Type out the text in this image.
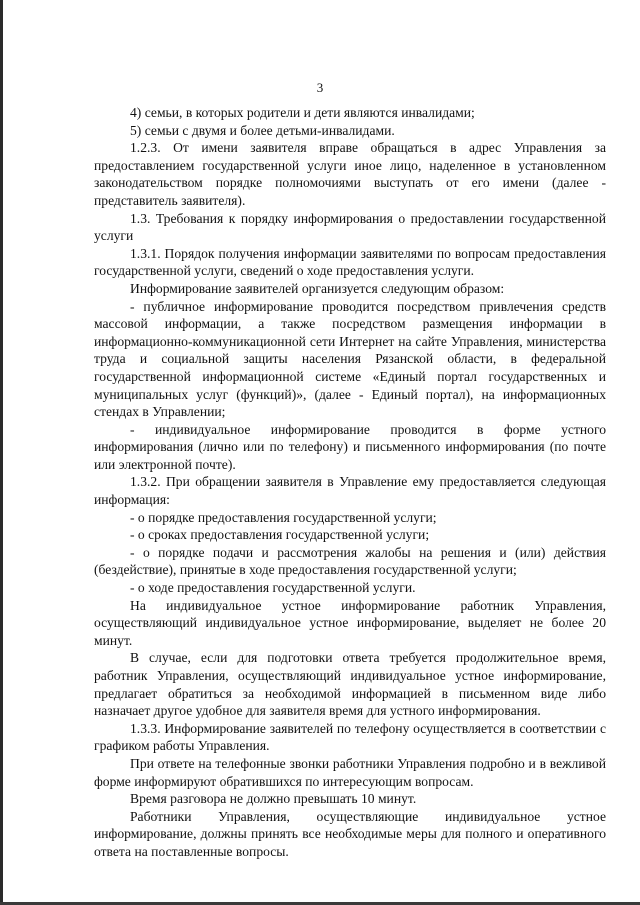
3

4) семьи, в которых родители и дети являются инвалидами;

5) семьи с двумя и более детьми-инвалидами.

1.2.3. От имени заявителя вправе обращаться в адрес Управления за предоставлением государственной услуги иное лицо, наделенное в установленном законодательством порядке полномочиями выступать от его имени (далее - представитель заявителя).

1.3. Требования к порядку информирования о предоставлении государственной услуги

1.3.1. Порядок получения информации заявителями по вопросам предоставления государственной услуги, сведений о ходе предоставления услуги.

Информирование заявителей организуется следующим образом:

- публичное информирование проводится посредством привлечения средств массовой информации, а также посредством размещения информации в информационно-коммуникационной сети Интернет на сайте Управления, министерства труда и социальной защиты населения Рязанской области, в федеральной государственной информационной системе «Единый портал государственных и муниципальных услуг (функций)», (далее - Единый портал), на информационных стендах в Управлении;

- индивидуальное информирование проводится в форме устного информирования (лично или по телефону) и письменного информирования (по почте или электронной почте).

1.3.2. При обращении заявителя в Управление ему предоставляется следующая информация:

- о порядке предоставления государственной услуги;

- о сроках предоставления государственной услуги;

- о порядке подачи и рассмотрения жалобы на решения и (или) действия (бездействие), принятые в ходе предоставления государственной услуги;

- о ходе предоставления государственной услуги.

На индивидуальное устное информирование работник Управления, осуществляющий индивидуальное устное информирование, выделяет не более 20 минут.

В случае, если для подготовки ответа требуется продолжительное время, работник Управления, осуществляющий индивидуальное устное информирование, предлагает обратиться за необходимой информацией в письменном виде либо назначает другое удобное для заявителя время для устного информирования.

1.3.3. Информирование заявителей по телефону осуществляется в соответствии с графиком работы Управления.

При ответе на телефонные звонки работники Управления подробно и в вежливой форме информируют обратившихся по интересующим вопросам.

Время разговора не должно превышать 10 минут.

Работники Управления, осуществляющие индивидуальное устное информирование, должны принять все необходимые меры для полного и оперативного ответа на поставленные вопросы.
